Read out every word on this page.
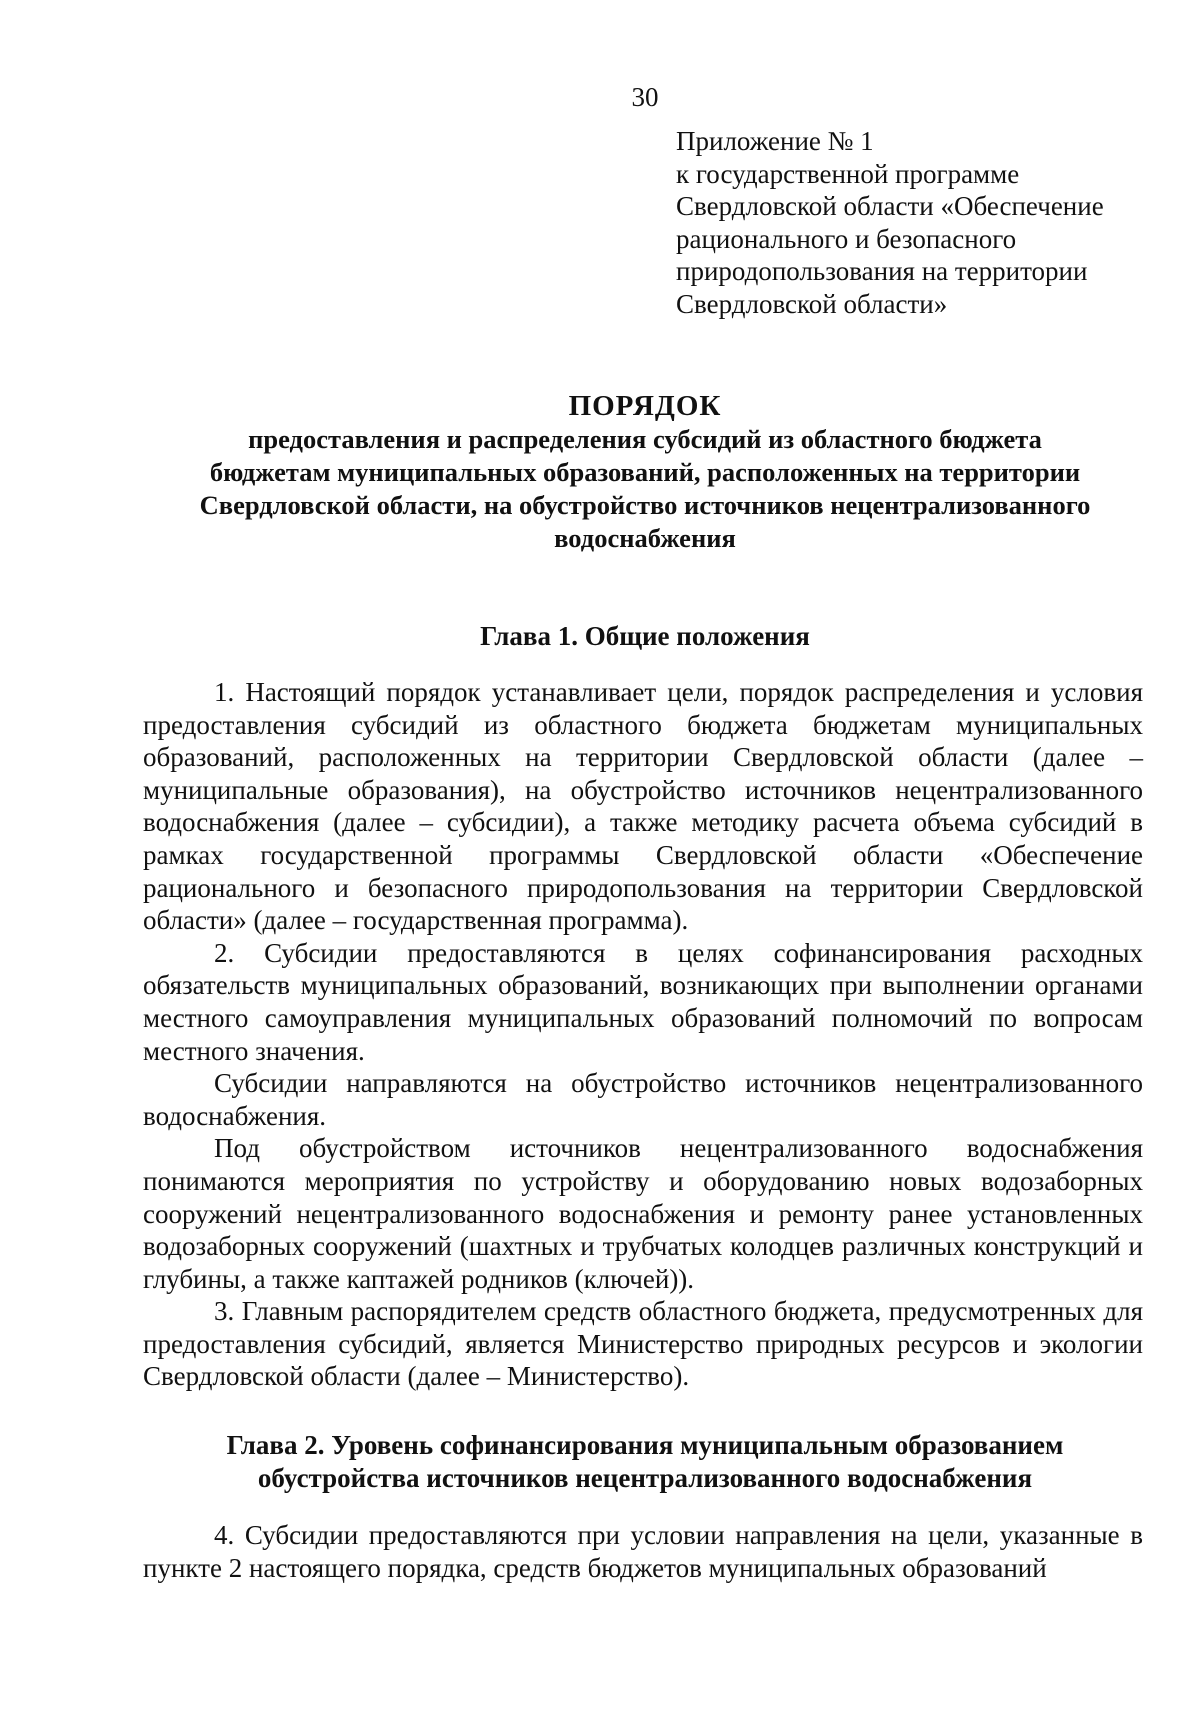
30
Приложение № 1
к государственной программе
Свердловской области «Обеспечение
рационального и безопасного
природопользования на территории
Свердловской области»
ПОРЯДОК
предоставления и распределения субсидий из областного бюджета
бюджетам муниципальных образований, расположенных на территории
Свердловской области, на обустройство источников нецентрализованного
водоснабжения
Глава 1. Общие положения

1. Настоящий порядок устанавливает цели, порядок распределения и условия предоставления субсидий из областного бюджета бюджетам муниципальных образований, расположенных на территории Свердловской области (далее – муниципальные образования), на обустройство источников нецентрализованного водоснабжения (далее – субсидии), а также методику расчета объема субсидий в рамках государственной программы Свердловской области «Обеспечение рационального и безопасного природопользования на территории Свердловской области» (далее – государственная программа).

2. Субсидии предоставляются в целях софинансирования расходных обязательств муниципальных образований, возникающих при выполнении органами местного самоуправления муниципальных образований полномочий по вопросам местного значения.

Субсидии направляются на обустройство источников нецентрализованного водоснабжения.

Под обустройством источников нецентрализованного водоснабжения понимаются мероприятия по устройству и оборудованию новых водозаборных сооружений нецентрализованного водоснабжения и ремонту ранее установленных водозаборных сооружений (шахтных и трубчатых колодцев различных конструкций и глубины, а также каптажей родников (ключей)).

3. Главным распорядителем средств областного бюджета, предусмотренных для предоставления субсидий, является Министерство природных ресурсов и экологии Свердловской области (далее – Министерство).

Глава 2. Уровень софинансирования муниципальным образованием
обустройства источников нецентрализованного водоснабжения

4. Субсидии предоставляются при условии направления на цели, указанные в пункте 2 настоящего порядка, средств бюджетов муниципальных образований
